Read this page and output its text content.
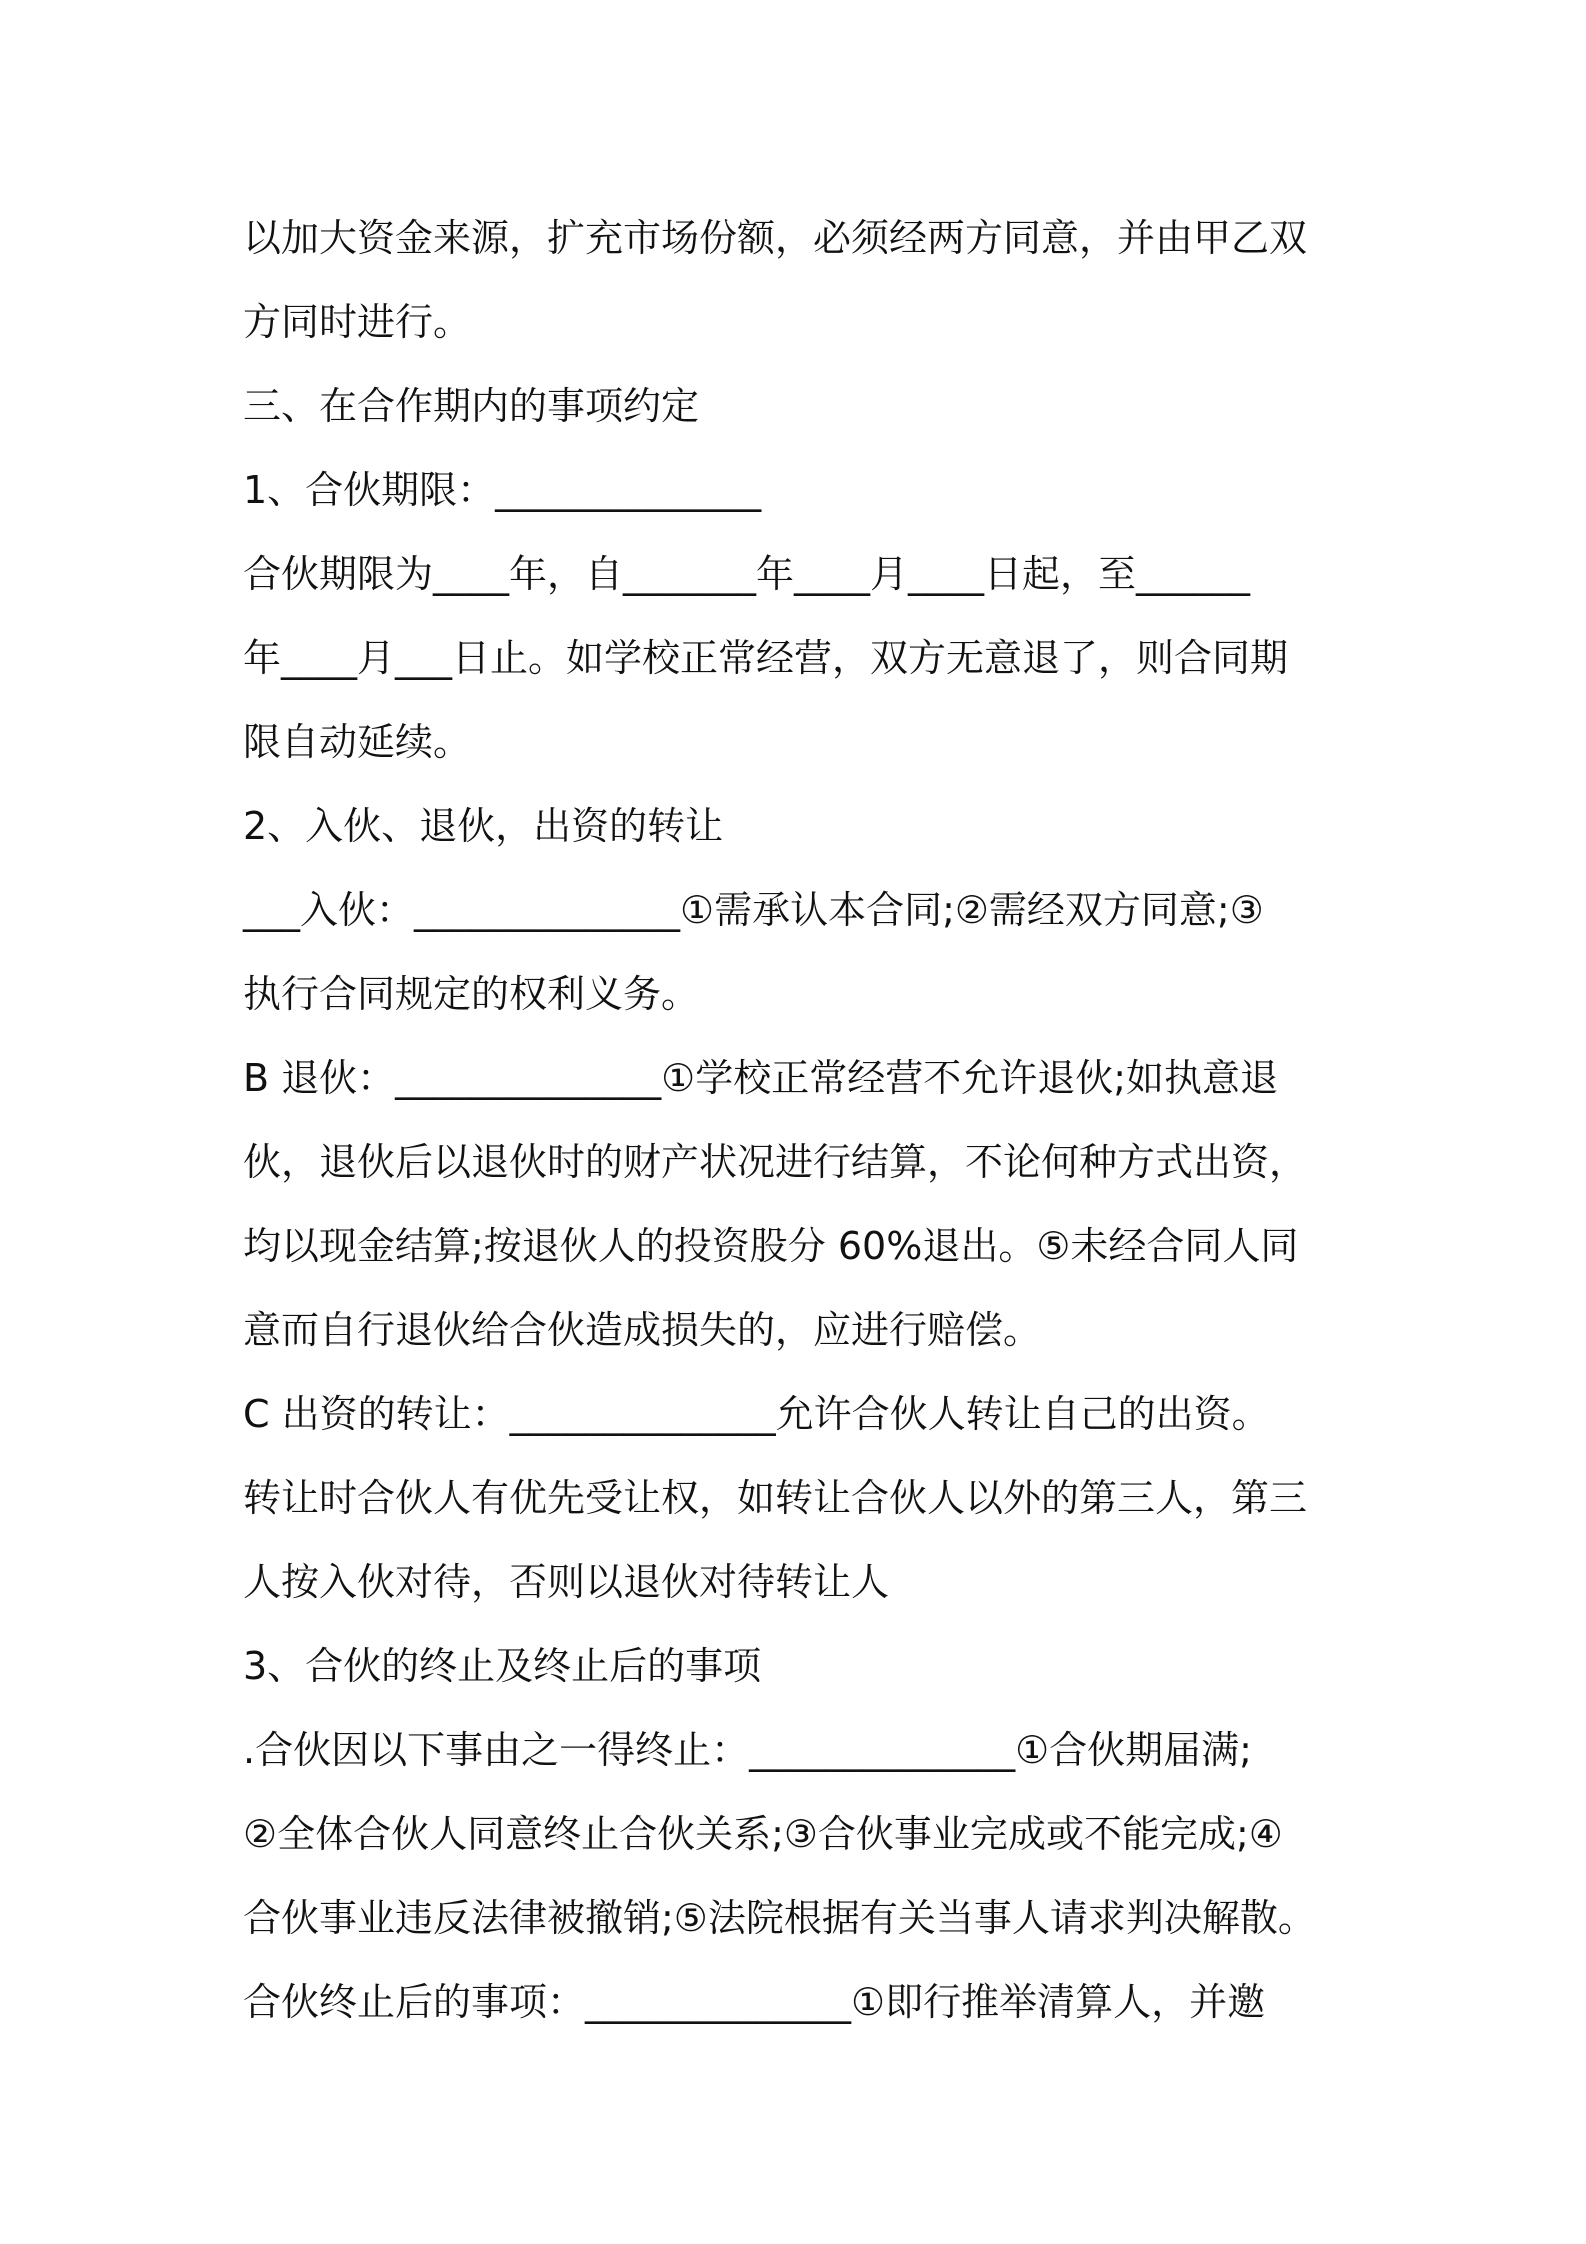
以加大资金来源，扩充市场份额，必须经两方同意，并由甲乙双
方同时进行。
三、在合作期内的事项约定
1、合伙期限：______________
合伙期限为____年，自_______年____月____日起，至______
年____月___日止。如学校正常经营，双方无意退了，则合同期
限自动延续。
2、入伙、退伙，出资的转让
___入伙：______________①需承认本合同;②需经双方同意;③
执行合同规定的权利义务。
B 退伙：______________①学校正常经营不允许退伙;如执意退
伙，退伙后以退伙时的财产状况进行结算，不论何种方式出资，
均以现金结算;按退伙人的投资股分 60%退出。⑤未经合同人同
意而自行退伙给合伙造成损失的，应进行赔偿。
C 出资的转让：______________允许合伙人转让自己的出资。
转让时合伙人有优先受让权，如转让合伙人以外的第三人，第三
人按入伙对待，否则以退伙对待转让人
3、合伙的终止及终止后的事项
.合伙因以下事由之一得终止：______________①合伙期届满;
②全体合伙人同意终止合伙关系;③合伙事业完成或不能完成;④
合伙事业违反法律被撤销;⑤法院根据有关当事人请求判决解散。
合伙终止后的事项：______________①即行推举清算人，并邀
